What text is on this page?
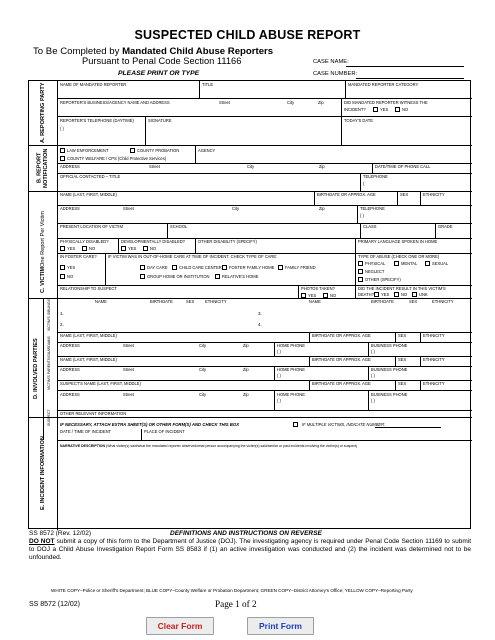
SUSPECTED CHILD ABUSE REPORT
To Be Completed by Mandated Child Abuse Reporters
Pursuant to Penal Code Section 11166
PLEASE PRINT OR TYPE
CASE NAME:
CASE NUMBER:
A. REPORTING PARTY	NAME OF MANDATED REPORTER	TITLE	MANDATED REPORTER CATEGORY
REPORTER'S BUSINESS/AGENCY NAME AND ADDRESS	Street	City	Zip	DID MANDATED REPORTER WITNESS THE
INCIDENT?	YES	NO
REPORTER'S TELEPHONE (DAYTIME)
( )
SIGNATURE	TODAY'S DATE
B. REPORT NOTIFICATION	LAW ENFORCEMENT	COUNTY PROBATION	AGENCY
COUNTY WELFARE / CPS (Child Protective Services)
ADDRESS	Street	City	Zip	DATE/TIME OF PHONE CALL
OFFICIAL CONTACTED – TITLE	TELEPHONE
(
C. VICTIM
One Report Per Victim
NAME (LAST, FIRST, MIDDLE)	BIRTHDATE OR APPROX. AGE	SEX	ETHNICITY
ADDRESS	Street	City	Zip	TELEPHONE
( )
PRESENT LOCATION OF VICTIM	SCHOOL	CLASS	GRADE
PHYSICALLY DISABLED?
YES	NO
DEVELOPMENTALLY DISABLED?
YES	NO
OTHER DISABILITY (SPECIFY)	PRIMARY LANGUAGE SPOKEN IN HOME
IN FOSTER CARE?
YES
NO
IF VICTIM WAS IN OUT-OF-HOME CARE AT TIME OF INCIDENT, CHECK TYPE OF CARE:
DAY CARE	CHILD CARE CENTER FOSTER FAMILY HOME	FAMILY FRIEND
GROUP HOME OR INSTITUTION	RELATIVE'S HOME
TYPE OF ABUSE (CHECK ONE OR MORE)
PHYSICAL	MENTAL	SEXUAL
NEGLECT
OTHER (SPECIFY)
RELATIONSHIP TO SUSPECT	PHOTOS TAKEN?
YES	NO
DID THE INCIDENT RESULT IN THIS VICTIM'S
DEATH? YES	NO	UNK
D. INVOLVED PARTIES
VICTIM'S SIBLINGS
VICTIM'S PARENTS/GUARDIANS
SUSPECT
NAME	BIRTHDATE	SEX	ETHNICITY	NAME	BIRTHDATE	SEX	ETHNICITY
1.
2.
3.
4.
NAME (LAST, FIRST, MIDDLE)	BIRTHDATE OR APPROX. AGE	SEX	ETHNICITY
ADDRESS	Street	City	Zip	HOME PHONE
( )
BUSINESS PHONE
( )
NAME (LAST, FIRST, MIDDLE)	BIRTHDATE OR APPROX. AGE	SEX	ETHNICITY
ADDRESS	Street	City	Zip	HOME PHONE
( )
BUSINESS PHONE
( )
SUSPECT'S NAME (LAST, FIRST, MIDDLE)	BIRTHDATE OR APPROX. AGE	SEX	ETHNICITY
ADDRESS	Street	City	Zip	HOME PHONE
( )
BUSINESS PHONE
( )
OTHER RELEVANT INFORMATION
E. INCIDENT INFORMATION
IF NECESSARY, ATTACH EXTRA SHEET(S) OR OTHER FORM(S) AND CHECK THIS BOX	IF MULTIPLE VICTIMS, INDICATE NUMBER:
DATE / TIME OF INCIDENT	PLACE OF INCIDENT
NARRATIVE DESCRIPTION (What victim(s) said/what the mandated reporter observed/what person accompanying the victim(s) said/similar or past incidents involving the victim(s) or suspect)
SS 8572 (Rev. 12/02)	DEFINITIONS AND INSTRUCTIONS ON REVERSE
DO NOT submit a copy of this form to the Department of Justice (DOJ). The investigating agency is required under Penal Code Section 11169 to submit to DOJ a Child Abuse Investigation Report Form SS 8583 if (1) an active investigation was conducted and (2) the incident was determined not to be unfounded.
WHITE COPY–Police or Sheriff's Department; BLUE COPY–County Welfare or Probation Department; GREEN COPY–District Attorney's Office; YELLOW COPY–Reporting Party
SS 8572 (12/02)	Page 1 of 2
Clear Form	Print Form
